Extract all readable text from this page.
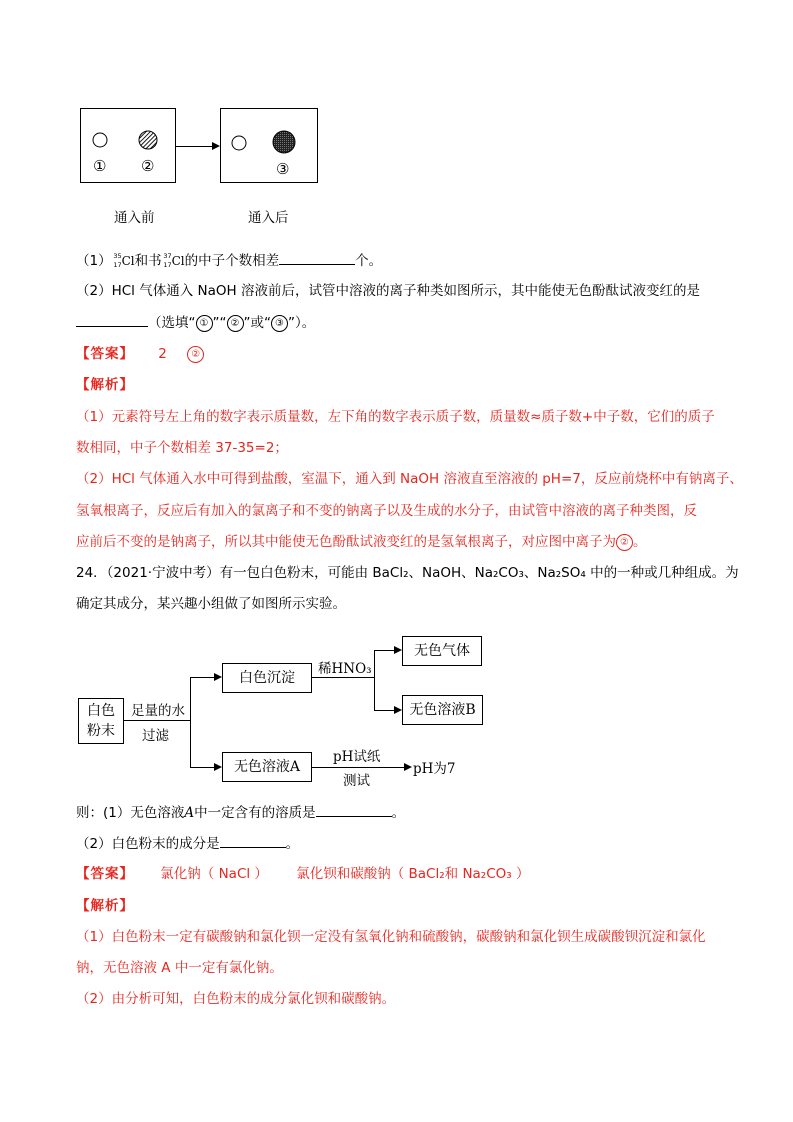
① ②	③
通入前	通入后
（1） 35
17 Cl和书 37
17 Cl的中子个数相差	个。
（2）HCl 气体通入 NaOH 溶液前后，试管中溶液的离子种类如图所示，其中能使无色酚酞试液变红的是
（选填“ ① ”“ ② ”或“ ③ ”）。
【答案】 2 ②
【解析】
（1）元素符号左上角的数字表示质量数，左下角的数字表示质子数，质量数≈质子数+中子数，它们的质子
数相同，中子个数相差 37-35=2；
（2）HCl 气体通入水中可得到盐酸，室温下，通入到 NaOH 溶液直至溶液的 pH=7，反应前烧杯中有钠离子、
氢氧根离子，反应后有加入的氯离子和不变的钠离子以及生成的水分子，由试管中溶液的离子种类图，反
应前后不变的是钠离子，所以其中能使无色酚酞试液变红的是氢氧根离子，对应图中离子为 ② 。
24．（2021·宁波中考）有一包白色粉末，可能由 BaCl₂、NaOH、Na₂CO₃、Na₂SO₄ 中的一种或几种组成。为
确定其成分，某兴趣小组做了如图所示实验。
白色
粉末
足量的水
过滤
白色沉淀
稀HNO₃
无色气体
无色溶液B
无色溶液A
pH试纸
测试
pH为7
则：(1）无色溶液A中一定含有的溶质是	。
（2）白色粉末的成分是	。
【答案】 氯化钠（ NaCl ） 氯化钡和碳酸钠（ BaCl₂和 Na₂CO₃ ）
【解析】
（1）白色粉末一定有碳酸钠和氯化钡一定没有氢氧化钠和硫酸钠，碳酸钠和氯化钡生成碳酸钡沉淀和氯化
钠，无色溶液 A 中一定有氯化钠。
（2）由分析可知，白色粉末的成分氯化钡和碳酸钠。
